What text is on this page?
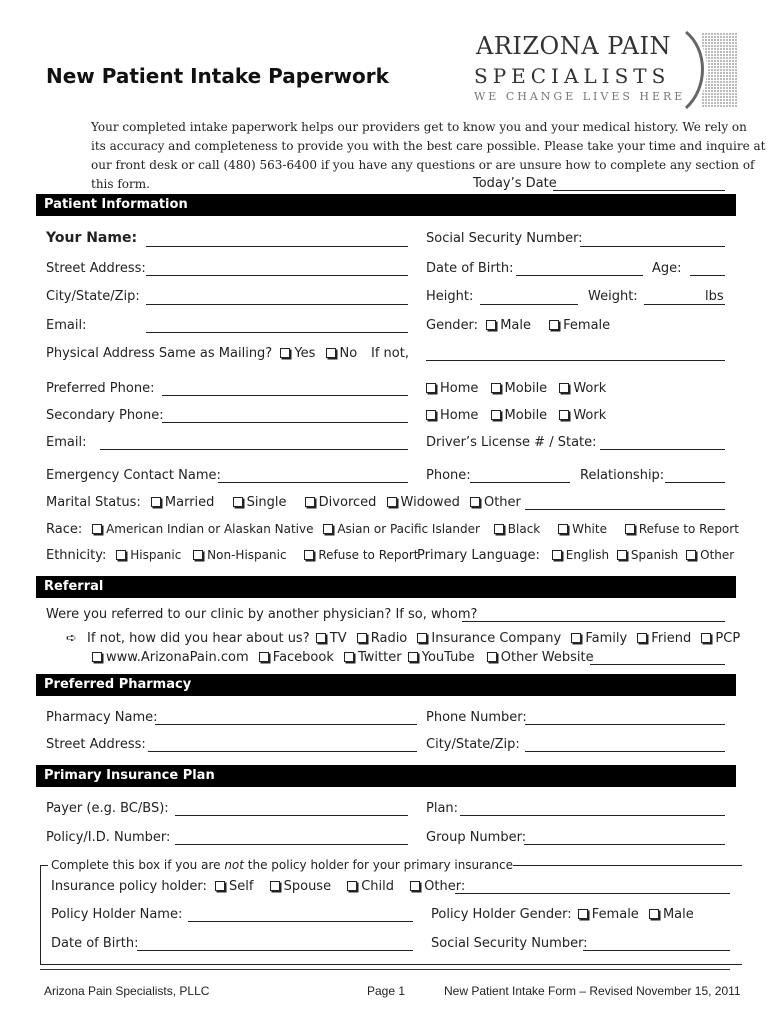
New Patient Intake Paperwork
ARIZONA PAIN
SPECIALISTS
WE CHANGE LIVES HERE
Your completed intake paperwork helps our providers get to know you and your medical history. We rely on
its accuracy and completeness to provide you with the best care possible. Please take your time and inquire at
our front desk or call (480) 563-6400 if you have any questions or are unsure how to complete any section of
this form.	Today’s Date
Patient Information
Your Name:	Social Security Number:
Street Address:	Date of Birth:	Age:
City/State/Zip:	Height:	Weight:	lbs
Email:	Gender: Male Female
Physical Address Same as Mailing? Yes No If not,
Preferred Phone:	Home Mobile Work
Secondary Phone:	Home Mobile Work
Email:	Driver’s License # / State:
Emergency Contact Name:	Phone:	Relationship:
Marital Status: Married Single Divorced Widowed Other
Race: American Indian or Alaskan Native Asian or Pacific Islander Black	White	Refuse to Report
Ethnicity: Hispanic Non-Hispanic	Refuse to Report
Primary Language: English Spanish Other
Referral
Were you referred to our clinic by another physician? If so, whom?
➪ If not, how did you hear about us? TV Radio Insurance Company Family Friend PCP
www.ArizonaPain.com Facebook Twitter YouTube Other Website
Preferred Pharmacy
Pharmacy Name:	Phone Number:
Street Address:	City/State/Zip:
Primary Insurance Plan
Payer (e.g. BC/BS):	Plan:
Policy/I.D. Number:	Group Number:
Complete this box if you are not the policy holder for your primary insurance
Insurance policy holder: Self Spouse Child Other:
Policy Holder Name:	Policy Holder Gender: Female Male
Date of Birth:	Social Security Number:
Arizona Pain Specialists, PLLC	Page 1	New Patient Intake Form – Revised November 15, 2011
